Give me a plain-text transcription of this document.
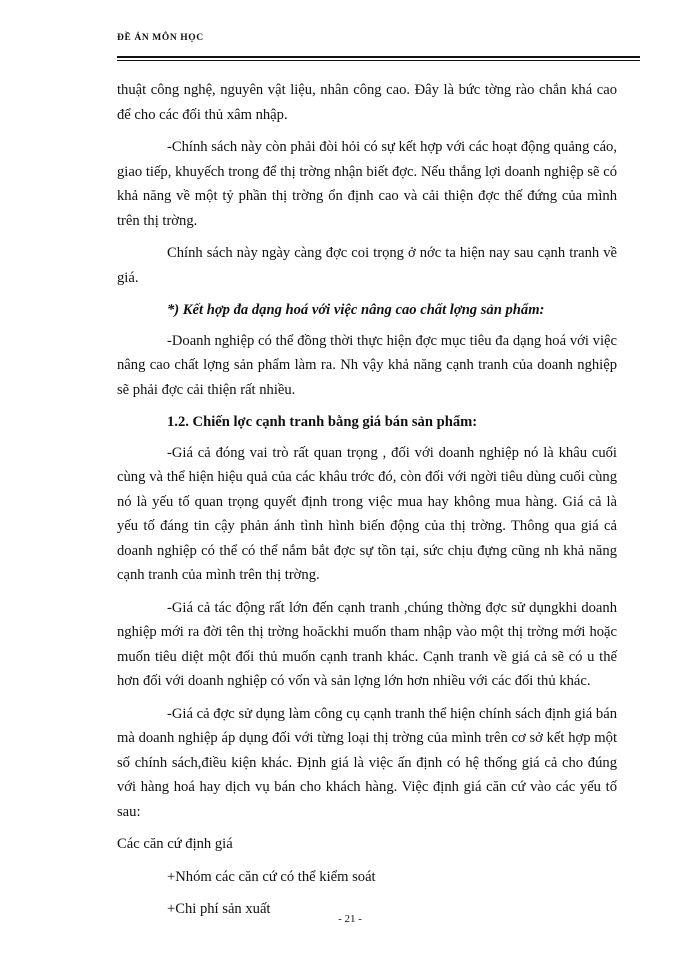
ĐỀ ÁN MÔN HỌC

thuật công nghệ, nguyên vật liệu, nhân công cao. Đây là bức tờng rào chắn khá cao để cho các đối thủ xâm nhập.

-Chính sách này còn phải đòi hỏi có sự kết hợp với các hoạt động quảng cáo, giao tiếp, khuyếch trong để thị trờng nhận biết đợc. Nếu thắng lợi doanh nghiệp sẽ có khả năng về một tỷ phần thị trờng ổn định cao và cải thiện đợc thế đứng của mình trên thị trờng.

Chính sách này ngày càng đợc coi trọng ở nớc ta hiện nay sau cạnh tranh về giá.

*) Kết hợp đa dạng hoá với việc nâng cao chất lợng sản phẩm:

-Doanh nghiệp có thể đồng thời thực hiện đợc mục tiêu đa dạng hoá với việc nâng cao chất lợng sản phẩm làm ra. Nh vậy khả năng cạnh tranh của doanh nghiệp sẽ phải đợc cải thiện rất nhiều.

1.2. Chiến lợc cạnh tranh bằng giá bán sản phẩm:

-Giá cả đóng vai trò rất quan trọng , đối với doanh nghiệp nó là khâu cuối cùng và thể hiện hiệu quả của các khâu trớc đó, còn đối với ngời tiêu dùng cuối cùng nó là yếu tố quan trọng quyết định trong việc mua hay không mua hàng. Giá cả là yếu tố đáng tin cậy phản ánh tình hình biến động của thị trờng. Thông qua giá cả doanh nghiệp có thể có thể nắm bắt đợc sự tồn tại, sức chịu đựng cũng nh khả năng cạnh tranh của mình trên thị trờng.

-Giá cả tác động rất lớn đến cạnh tranh ,chúng thờng đợc sử dụngkhi doanh nghiệp mới ra đời tên thị trờng hoăckhi muốn tham nhập vào một thị trờng mới hoặc muốn tiêu diệt một đối thủ muốn cạnh tranh khác. Cạnh tranh về giá cả sẽ có u thế hơn đối với doanh nghiệp có vốn và sản lợng lớn hơn nhiều với các đối thủ khác.

-Giá cả đợc sử dụng làm công cụ cạnh tranh thể hiện chính sách định giá bán mà doanh nghiệp áp dụng đối với từng loại thị trờng của mình trên cơ sở kết hợp một số chính sách,điều kiện khác. Định giá là việc ấn định có hệ thống giá cả cho đúng với hàng hoá hay dịch vụ bán cho khách hàng. Việc định giá căn cứ vào các yếu tố sau:

Các căn cứ định giá

+Nhóm các căn cứ có thể kiểm soát

+Chi phí sản xuất

- 21 -
